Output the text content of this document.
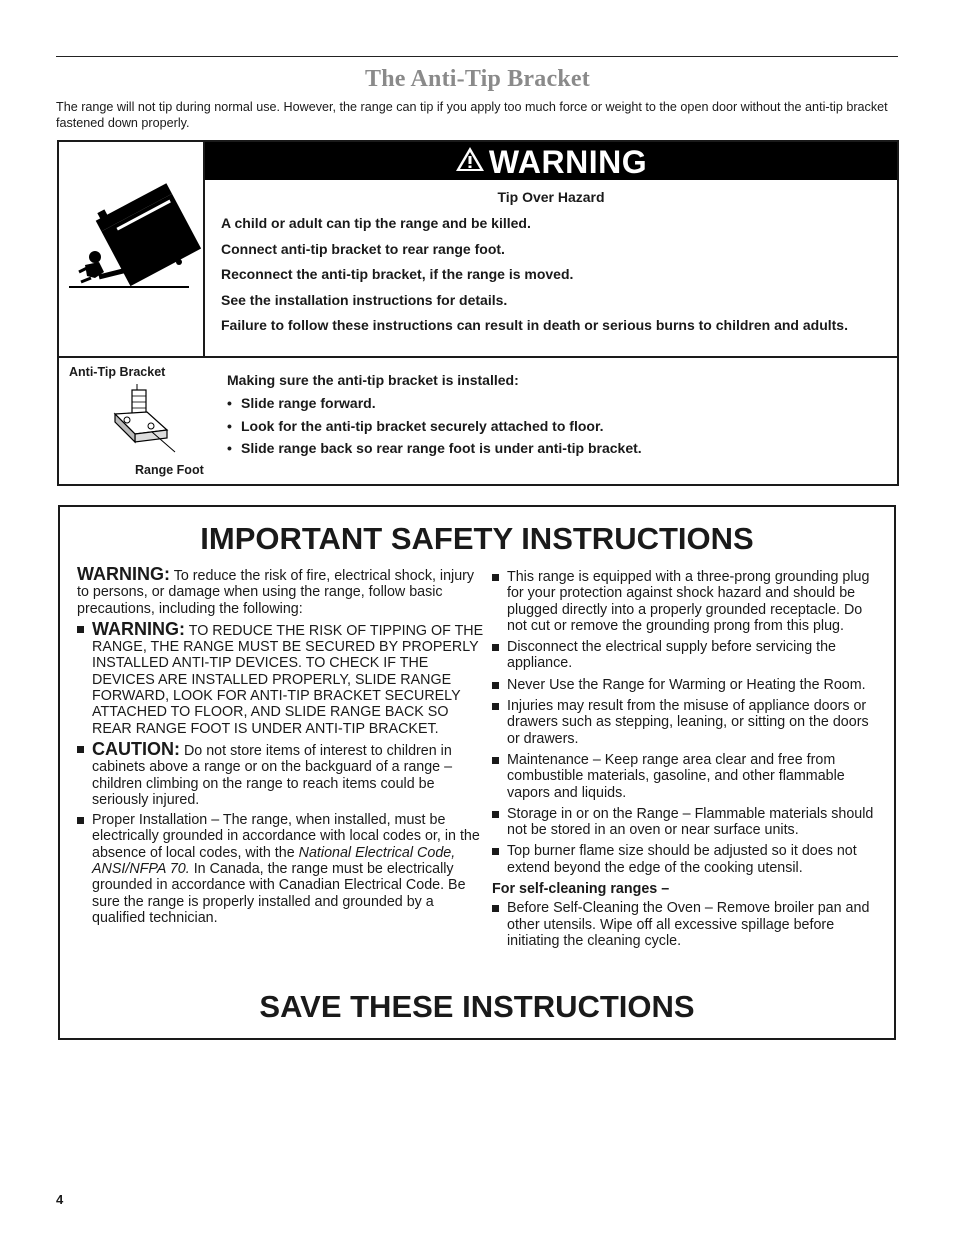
The Anti-Tip Bracket
The range will not tip during normal use. However, the range can tip if you apply too much force or weight to the open door without the anti-tip bracket fastened down properly.
WARNING
Tip Over Hazard
A child or adult can tip the range and be killed.
Connect anti-tip bracket to rear range foot.
Reconnect the anti-tip bracket, if the range is moved.
See the installation instructions for details.
Failure to follow these instructions can result in death or serious burns to children and adults.
Anti-Tip Bracket
Range Foot
Making sure the anti-tip bracket is installed:
• Slide range forward.
• Look for the anti-tip bracket securely attached to floor.
• Slide range back so rear range foot is under anti-tip bracket.
IMPORTANT SAFETY INSTRUCTIONS
WARNING: To reduce the risk of fire, electrical shock, injury to persons, or damage when using the range, follow basic precautions, including the following:
WARNING: TO REDUCE THE RISK OF TIPPING OF THE RANGE, THE RANGE MUST BE SECURED BY PROPERLY INSTALLED ANTI-TIP DEVICES. TO CHECK IF THE DEVICES ARE INSTALLED PROPERLY, SLIDE RANGE FORWARD, LOOK FOR ANTI-TIP BRACKET SECURELY ATTACHED TO FLOOR, AND SLIDE RANGE BACK SO REAR RANGE FOOT IS UNDER ANTI-TIP BRACKET.
CAUTION: Do not store items of interest to children in cabinets above a range or on the backguard of a range – children climbing on the range to reach items could be seriously injured.
Proper Installation – The range, when installed, must be electrically grounded in accordance with local codes or, in the absence of local codes, with the National Electrical Code, ANSI/NFPA 70. In Canada, the range must be electrically grounded in accordance with Canadian Electrical Code. Be sure the range is properly installed and grounded by a qualified technician.
This range is equipped with a three-prong grounding plug for your protection against shock hazard and should be plugged directly into a properly grounded receptacle. Do not cut or remove the grounding prong from this plug.
Disconnect the electrical supply before servicing the appliance.
Never Use the Range for Warming or Heating the Room.
Injuries may result from the misuse of appliance doors or drawers such as stepping, leaning, or sitting on the doors or drawers.
Maintenance – Keep range area clear and free from combustible materials, gasoline, and other flammable vapors and liquids.
Storage in or on the Range – Flammable materials should not be stored in an oven or near surface units.
Top burner flame size should be adjusted so it does not extend beyond the edge of the cooking utensil.
For self-cleaning ranges –
Before Self-Cleaning the Oven – Remove broiler pan and other utensils. Wipe off all excessive spillage before initiating the cleaning cycle.
SAVE THESE INSTRUCTIONS
4
